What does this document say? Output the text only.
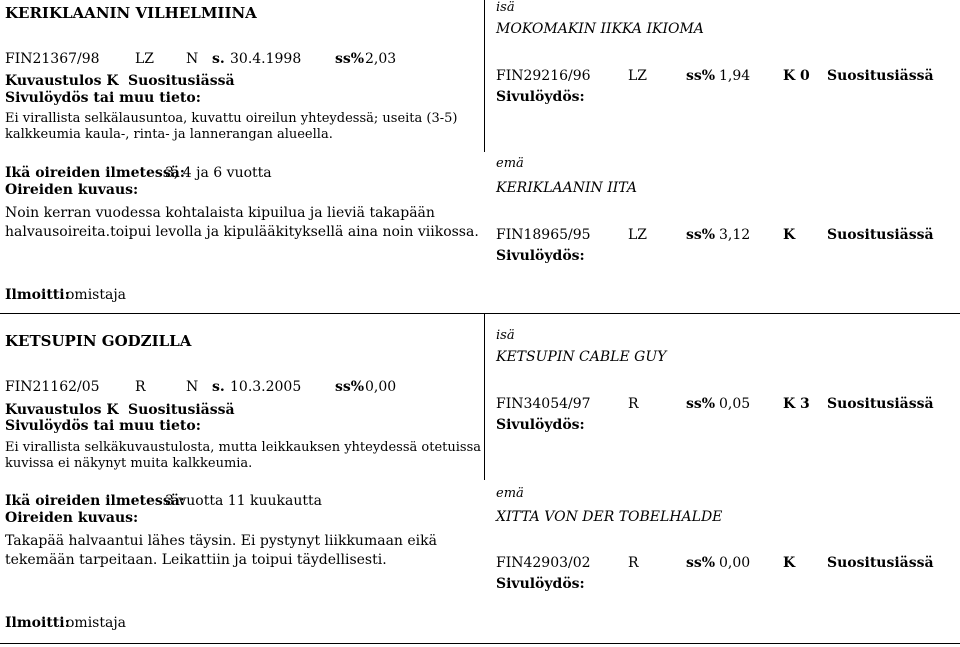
KERIKLAANIN VILHELMIINA
FIN21367/98	LZ N s. 30.4.1998 ss% 2,03
Kuvaustulos K Suositusiässä
Sivulöydös tai muu tieto:
Ei virallista selkälausuntoa, kuvattu oireilun yhteydessä; useita (3-5)
kalkkeumia kaula-, rinta- ja lannerangan alueella.
Ikä oireiden ilmetessä:
3, 4 ja 6 vuotta
Oireiden kuvaus:
Noin kerran vuodessa kohtalaista kipuilua ja lieviä takapään
halvausoireita.toipui levolla ja kipulääkityksellä aina noin viikossa.
Ilmoitti:
omistaja
isä
MOKOMAKIN IIKKA IKIOMA
FIN29216/96	LZ	ss% 1,94 K 0 Suositusiässä
Sivulöydös:
emä
KERIKLAANIN IITA
FIN18965/95	LZ	ss% 3,12 K Suositusiässä
Sivulöydös:
KETSUPIN GODZILLA
FIN21162/05	R	N s. 10.3.2005 ss% 0,00
Kuvaustulos K Suositusiässä
Sivulöydös tai muu tieto:
Ei virallista selkäkuvaustulosta, mutta leikkauksen yhteydessä otetuissa
kuvissa ei näkynyt muita kalkkeumia.
Ikä oireiden ilmetessä:
3 vuotta 11 kuukautta
Oireiden kuvaus:
Takapää halvaantui lähes täysin. Ei pystynyt liikkumaan eikä
tekemään tarpeitaan. Leikattiin ja toipui täydellisesti.
Ilmoitti:
omistaja
isä
KETSUPIN CABLE GUY
FIN34054/97	R	ss% 0,05 K 3 Suositusiässä
Sivulöydös:
emä
XITTA VON DER TOBELHALDE
FIN42903/02	R	ss% 0,00 K Suositusiässä
Sivulöydös:
